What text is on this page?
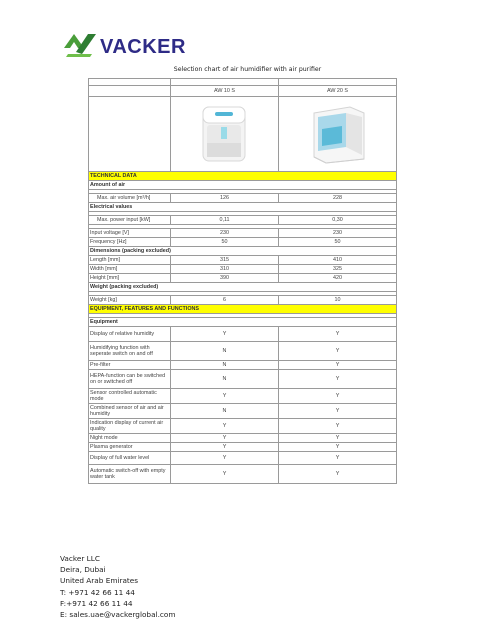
VACKER
Selection chart of air humidifier with air purifier

	AW 10 S	AW 20 S

TECHNICAL DATA		
Amount of air		

Max. air volume [m³/h]	126	228
Electrical values		

Max. power input [kW]	0,11	0,30

Input voltage [V]	230	230
Frequency [Hz]	50	50
Dimensions (packing excluded)		
Length [mm]	315	410
Width [mm]	310	325
Height [mm]	390	420
Weight (packing excluded)		

Weight [kg]	6	10
EQUIPMENT, FEATURES AND FUNCTIONS		

Equipment		
Display of relative humidity	Y	Y
Humidifying function with seperate switch on and off	N	Y
Pre-filter	N	Y
HEPA-function can be switched on or switched off	N	Y
Sensor controlled automatic mode	Y	Y
Combined sensor of air and air humidity	N	Y
Indication display of current air quality	Y	Y
Night mode	Y	Y
Plasma generator	Y	Y
Display of full water level	Y	Y
Automatic switch-off with empty water tank	Y	Y
Vacker LLC
Deira, Dubai
United Arab Emirates
T: +971 42 66 11 44
F:+971 42 66 11 44
E: sales.uae@vackerglobal.com
